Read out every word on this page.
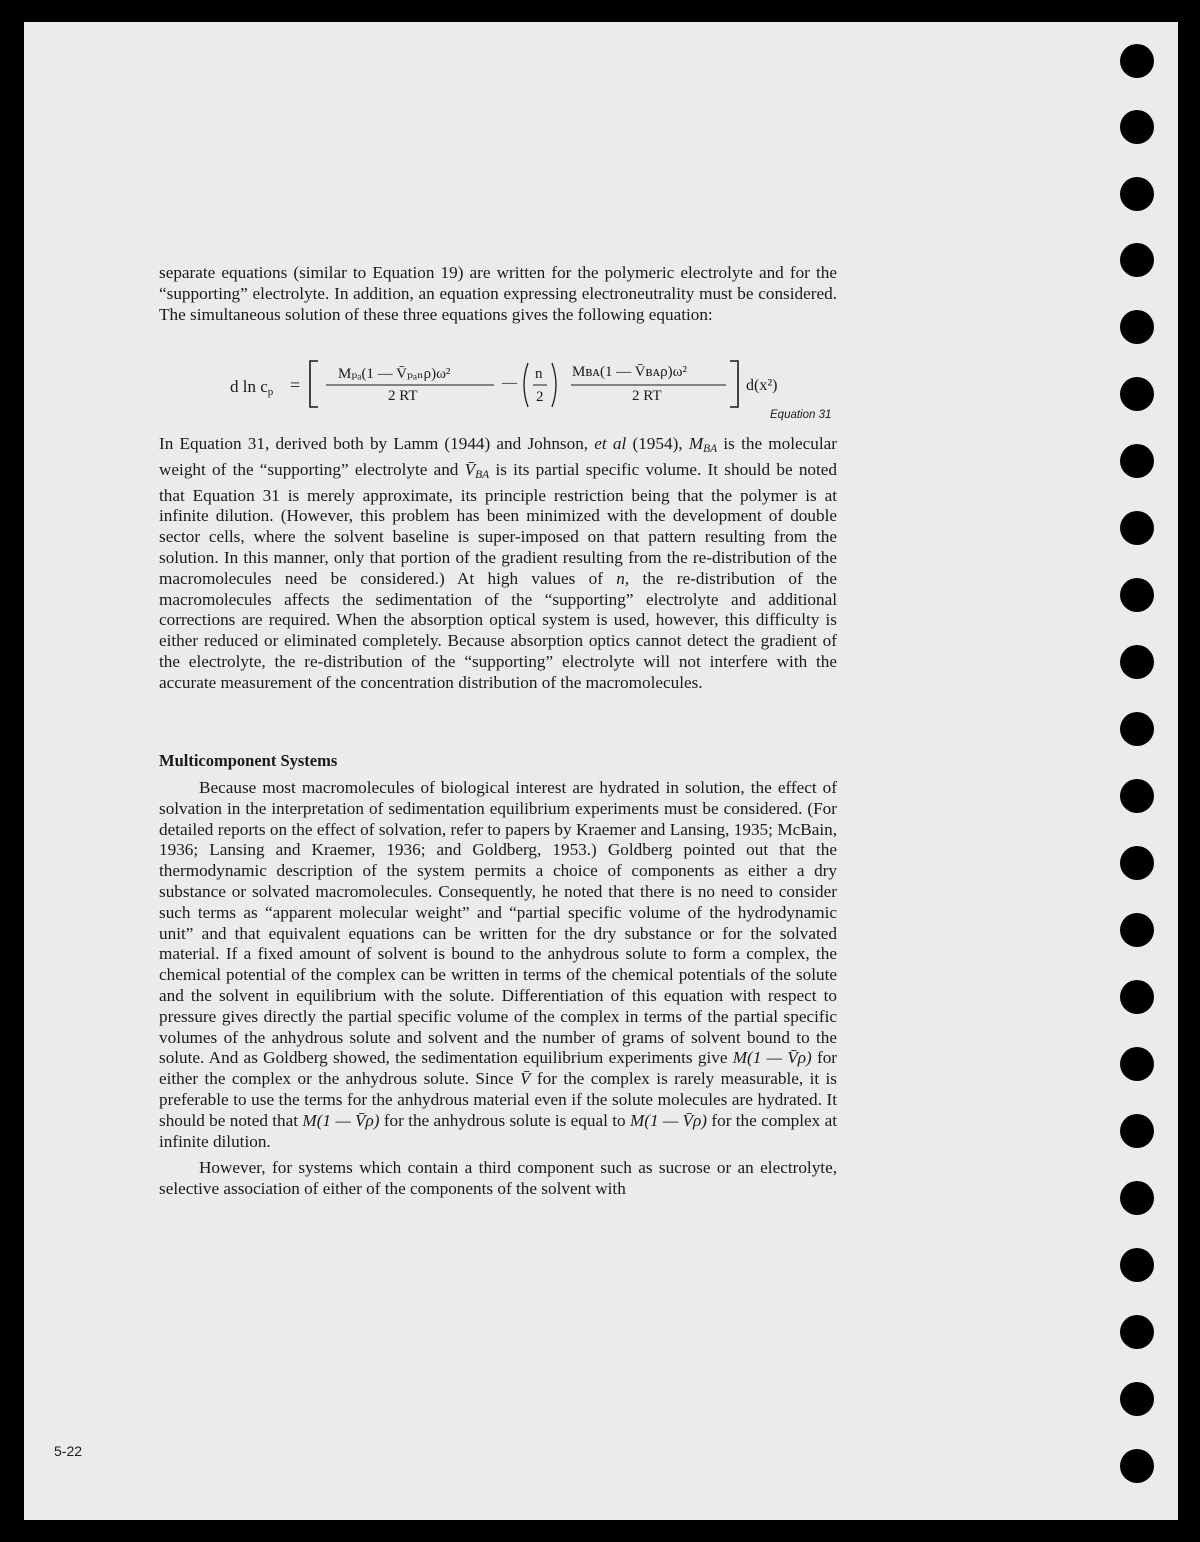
separate equations (similar to Equation 19) are written for the polymeric electrolyte and for the “supporting” electrolyte. In addition, an equation expressing electroneutrality must be considered. The simultaneous solution of these three equations gives the following equation:

d ln cp =
Mₚₐ(1 — V̄ₚₐₙρ)ω²
2 RT
—
n
2
Mʙᴀ(1 — V̄ʙᴀρ)ω²
2 RT
d(x²)
Equation 31

In Equation 31, derived both by Lamm (1944) and Johnson, et al (1954), MBA is the molecular weight of the “supporting” electrolyte and V̄BA is its partial specific volume. It should be noted that Equation 31 is merely approximate, its principle restriction being that the polymer is at infinite dilution. (However, this problem has been minimized with the development of double sector cells, where the solvent baseline is super-imposed on that pattern resulting from the solution. In this manner, only that portion of the gradient resulting from the re-distribution of the macromolecules need be considered.) At high values of n, the re-distribution of the macromolecules affects the sedimentation of the “supporting” electrolyte and additional corrections are required. When the absorption optical system is used, however, this difficulty is either reduced or eliminated completely. Because absorption optics cannot detect the gradient of the electrolyte, the re-distribution of the “supporting” electrolyte will not interfere with the accurate measurement of the concentration distribution of the macromolecules.

Multicomponent Systems

Because most macromolecules of biological interest are hydrated in solution, the effect of solvation in the interpretation of sedimentation equilibrium experiments must be considered. (For detailed reports on the effect of solvation, refer to papers by Kraemer and Lansing, 1935; McBain, 1936; Lansing and Kraemer, 1936; and Goldberg, 1953.) Goldberg pointed out that the thermodynamic description of the system permits a choice of components as either a dry substance or solvated macromolecules. Consequently, he noted that there is no need to consider such terms as “apparent molecular weight” and “partial specific volume of the hydrodynamic unit” and that equivalent equations can be written for the dry substance or for the solvated material. If a fixed amount of solvent is bound to the anhydrous solute to form a complex, the chemical potential of the complex can be written in terms of the chemical potentials of the solute and the solvent in equilibrium with the solute. Differentiation of this equation with respect to pressure gives directly the partial specific volume of the complex in terms of the partial specific volumes of the anhydrous solute and solvent and the number of grams of solvent bound to the solute. And as Goldberg showed, the sedimentation equilibrium experiments give M(1 — V̄ρ) for either the complex or the anhydrous solute. Since V̄ for the complex is rarely measurable, it is preferable to use the terms for the anhydrous material even if the solute molecules are hydrated. It should be noted that M(1 — V̄ρ) for the anhydrous solute is equal to M(1 — V̄ρ) for the complex at infinite dilution.

However, for systems which contain a third component such as sucrose or an electrolyte, selective association of either of the components of the solvent with

5-22
